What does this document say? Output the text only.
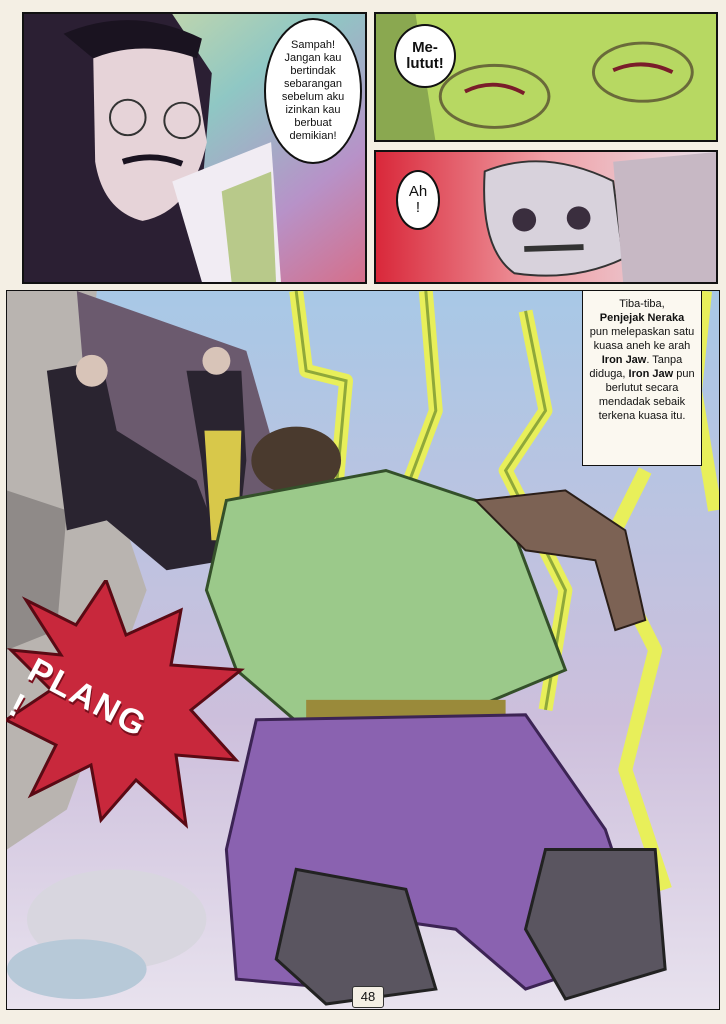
Sampah!
Jangan kau
bertindak
sebarangan
sebelum aku
izinkan kau
berbuat
demikian!
Me-
lutut!
Ah
!
Tiba-tiba,
Penjejak Neraka
pun melepaskan satu kuasa aneh ke arah Iron Jaw. Tanpa diduga, Iron Jaw pun berlutut secara mendadak sebaik terkena kuasa itu.
PLANG
!
48
